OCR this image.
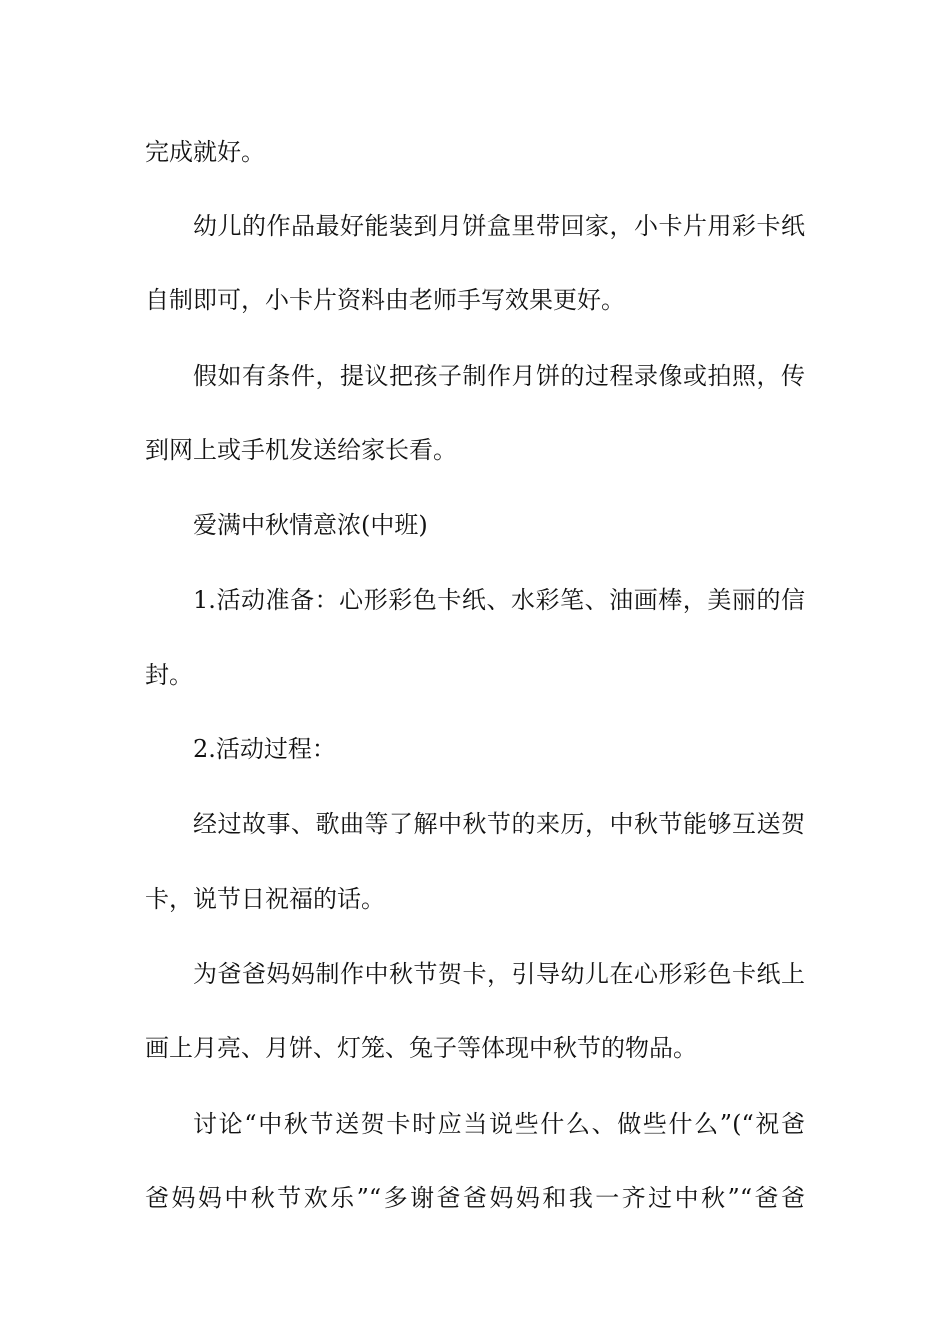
完成就好。
幼儿的作品最好能装到月饼盒里带回家，小卡片用彩卡纸
自制即可，小卡片资料由老师手写效果更好。
假如有条件，提议把孩子制作月饼的过程录像或拍照，传
到网上或手机发送给家长看。
爱满中秋情意浓(中班)
1.活动准备：心形彩色卡纸、水彩笔、油画棒，美丽的信
封。
2.活动过程：
经过故事、歌曲等了解中秋节的来历，中秋节能够互送贺
卡，说节日祝福的话。
为爸爸妈妈制作中秋节贺卡，引导幼儿在心形彩色卡纸上
画上月亮、月饼、灯笼、兔子等体现中秋节的物品。
讨论“中秋节送贺卡时应当说些什么、做些什么”(“祝爸
爸妈妈中秋节欢乐”“多谢爸爸妈妈和我一齐过中秋”“爸爸
